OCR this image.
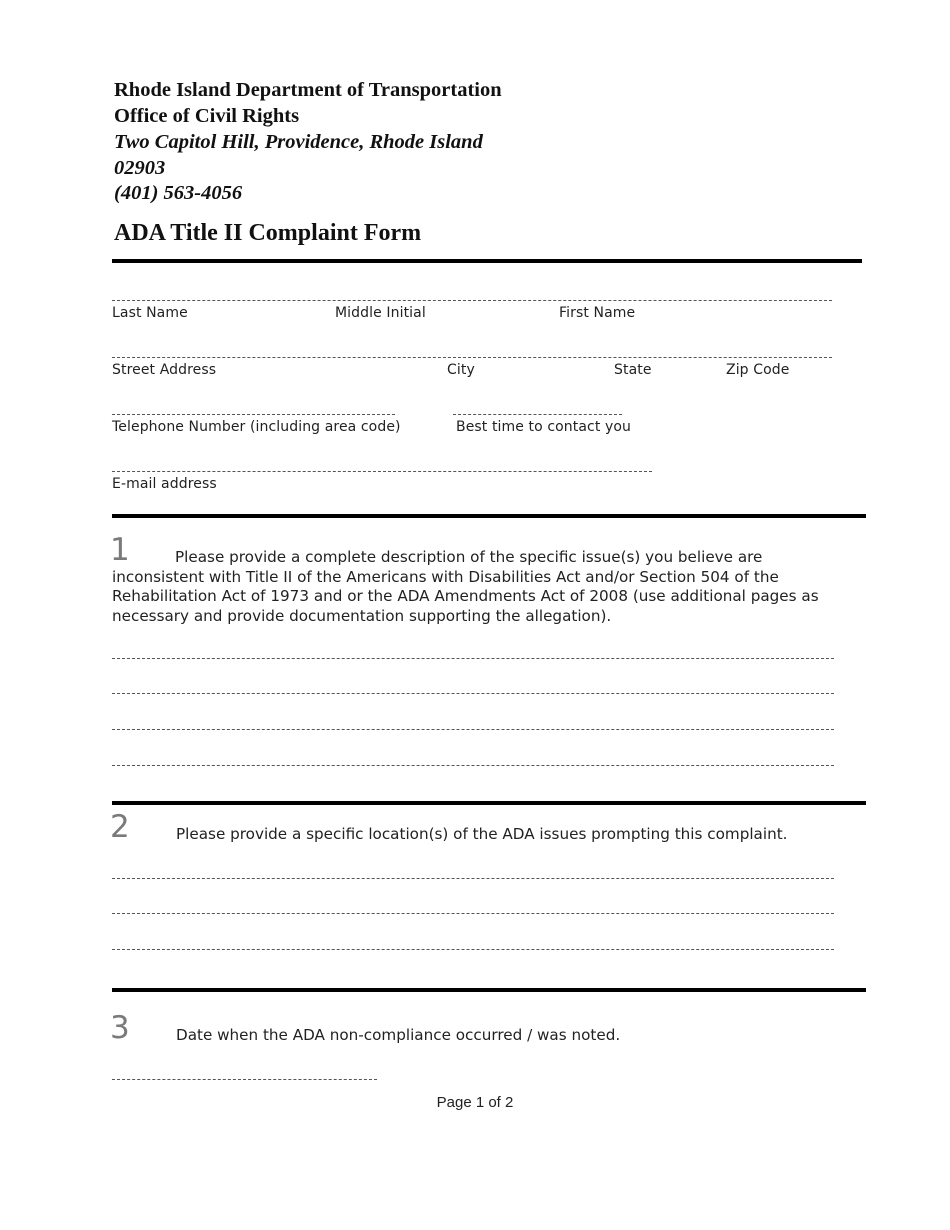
Rhode Island Department of Transportation
Office of Civil Rights
Two Capitol Hill, Providence, Rhode Island
02903
(401) 563-4056
ADA Title II Complaint Form
Last Name	Middle Initial	First Name
Street Address	City	State	Zip Code
Telephone Number (including area code)	Best time to contact you
E-mail address
1	Please provide a complete description of the specific issue(s) you believe are inconsistent with Title II of the Americans with Disabilities Act and/or Section 504 of the Rehabilitation Act of 1973 and or the ADA Amendments Act of 2008 (use additional pages as necessary and provide documentation supporting the allegation).
2	Please provide a specific location(s) of the ADA issues prompting this complaint.
3	Date when the ADA non-compliance occurred / was noted.
Page 1 of 2
